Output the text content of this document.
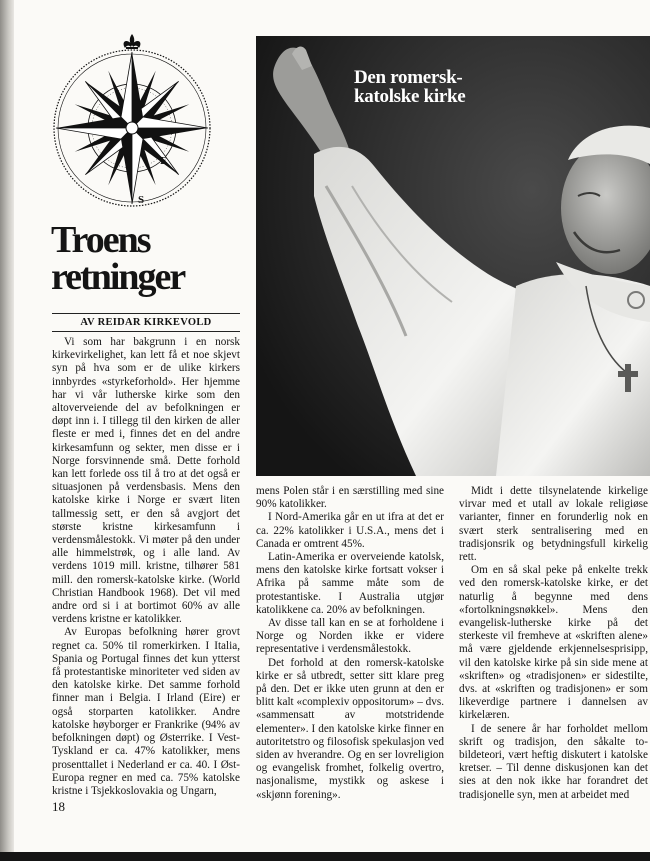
E
S
Troens
retninger
AV REIDAR KIRKEVOLD
Den romersk-
katolske kirke

Vi som har bakgrunn i en norsk kirkevirkelighet, kan lett få et noe skjevt syn på hva som er de ulike kirkers innbyrdes «styrkeforhold». Her hjemme har vi vår lutherske kirke som den altoverveiende del av befolkningen er døpt inn i. I tillegg til den kirken de aller fleste er med i, finnes det en del andre kirkesamfunn og sekter, men disse er i Norge forsvinnende små. Dette forhold kan lett forlede oss til å tro at det også er situasjonen på verdensbasis. Mens den katolske kirke i Norge er svært liten tallmessig sett, er den så avgjort det største kristne kirkesamfunn i verdensmålestokk. Vi møter på den under alle himmelstrøk, og i alle land. Av verdens 1019 mill. kristne, tilhører 581 mill. den romersk-katolske kirke. (World Christian Handbook 1968). Det vil med andre ord si i at bortimot 60% av alle verdens kristne er katolikker.

Av Europas befolkning hører grovt regnet ca. 50% til romerkirken. I Italia, Spania og Portugal finnes det kun ytterst få protestantiske minoriteter ved siden av den katolske kirke. Det samme forhold finner man i Belgia. I Irland (Eire) er også storparten katolikker. Andre katolske høyborger er Frankrike (94% av befolkningen døpt) og Østerrike. I Vest-Tyskland er ca. 47% katolikker, mens prosenttallet i Nederland er ca. 40. I Øst-Europa regner en med ca. 75% katolske kristne i Tsjekkoslovakia og Ungarn,

mens Polen står i en særstilling med sine 90% katolikker.

I Nord-Amerika går en ut ifra at det er ca. 22% katolikker i U.S.A., mens det i Canada er omtrent 45%.

Latin-Amerika er overveiende katolsk, mens den katolske kirke fortsatt vokser i Afrika på samme måte som de protestantiske. I Australia utgjør katolikkene ca. 20% av befolkningen.

Av disse tall kan en se at forholdene i Norge og Norden ikke er videre representative i verdensmålestokk.

Det forhold at den romersk-katolske kirke er så utbredt, setter sitt klare preg på den. Det er ikke uten grunn at den er blitt kalt «complexiv oppositorum» – dvs. «sammensatt av motstridende elementer». I den katolske kirke finner en autoritetstro og filosofisk spekulasjon ved siden av hverandre. Og en ser lovreligion og evangelisk fromhet, folkelig overtro, nasjonalisme, mystikk og askese i «skjønn forening».

Midt i dette tilsynelatende kirkelige virvar med et utall av lokale religiøse varianter, finner en forunderlig nok en svært sterk sentralisering med en tradisjonsrik og betydningsfull kirkelig rett.

Om en så skal peke på enkelte trekk ved den romersk-katolske kirke, er det naturlig å begynne med dens «fortolkningsnøkkel». Mens den evangelisk-lutherske kirke på det sterkeste vil fremheve at «skriften alene» må være gjeldende erkjennelsesprisipp, vil den katolske kirke på sin side mene at «skriften» og «tradisjonen» er sidestilte, dvs. at «skriften og tradisjonen» er som likeverdige partnere i dannelsen av kirkelæren.

I de senere år har forholdet mellom skrift og tradisjon, den såkalte to-bildeteori, vært heftig diskutert i katolske kretser. – Til denne diskusjonen kan det sies at den nok ikke har forandret det tradisjonelle syn, men at arbeidet med

18
